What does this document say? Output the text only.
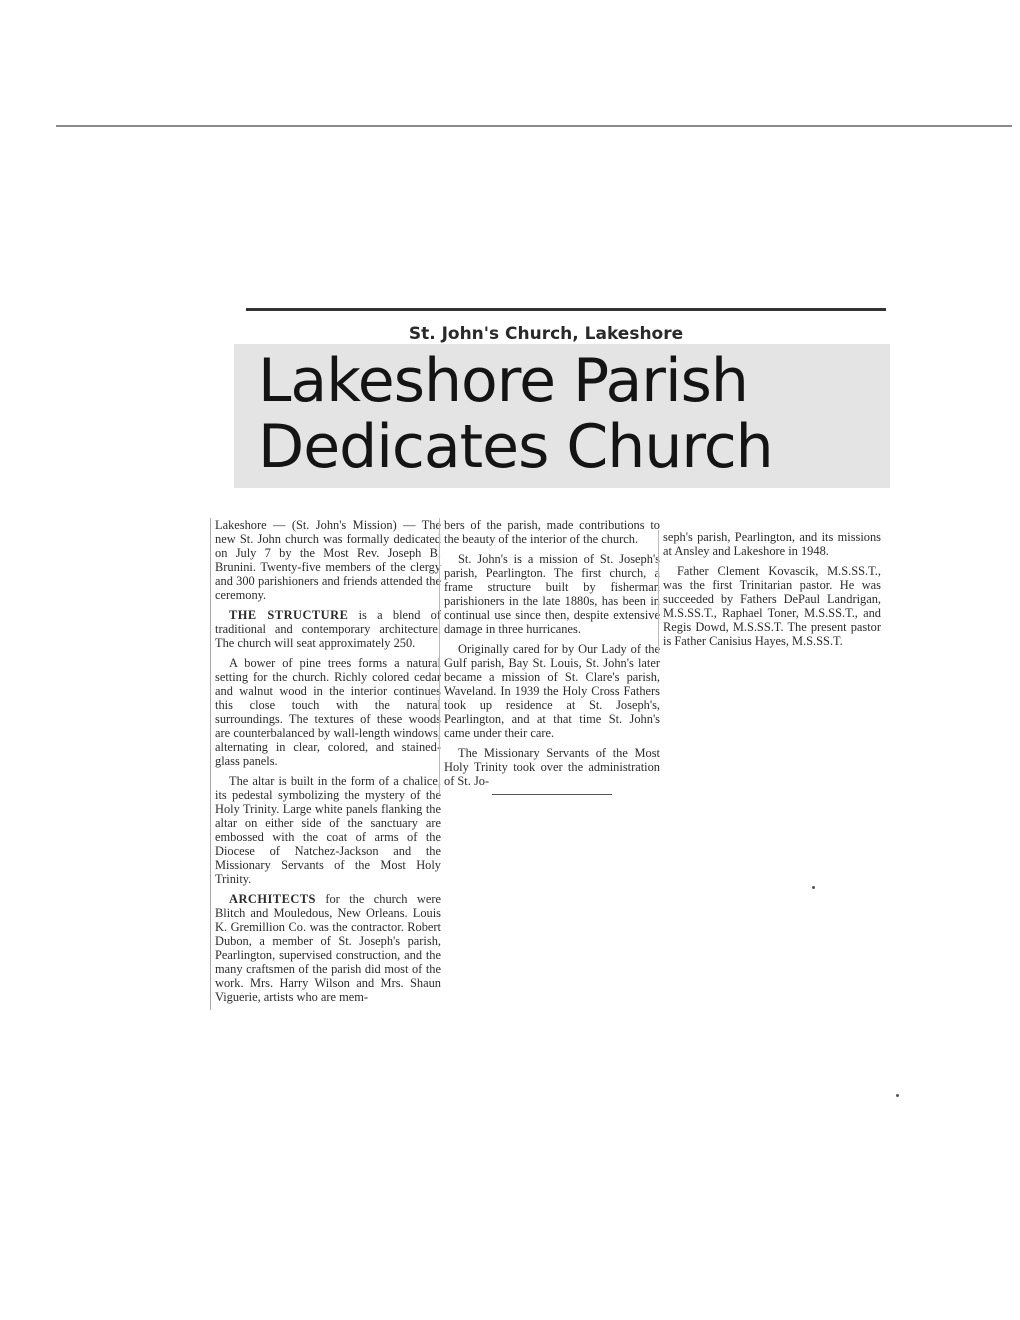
St. John's Church, Lakeshore
Lakeshore Parish
Dedicates Church

Lakeshore — (St. John's Mission) — The new St. John church was formally dedicated on July 7 by the Most Rev. Joseph B. Brunini. Twenty-five members of the clergy and 300 parishioners and friends attended the ceremony.

THE STRUCTURE is a blend of traditional and contemporary architecture. The church will seat approximately 250.

A bower of pine trees forms a natural setting for the church. Richly colored cedar and walnut wood in the interior continues this close touch with the natural surroundings. The textures of these woods are counterbalanced by wall-length windows, alternating in clear, colored, and stained-glass panels.

The altar is built in the form of a chalice, its pedestal symbolizing the mystery of the Holy Trinity. Large white panels flanking the altar on either side of the sanctuary are embossed with the coat of arms of the Diocese of Natchez-Jackson and the Missionary Servants of the Most Holy Trinity.

ARCHITECTS for the church were Blitch and Mouledous, New Orleans. Louis K. Gremillion Co. was the contractor. Robert Dubon, a member of St. Joseph's parish, Pearlington, supervised construction, and the many craftsmen of the parish did most of the work. Mrs. Harry Wilson and Mrs. Shaun Viguerie, artists who are mem-

bers of the parish, made contributions to the beauty of the interior of the church.

St. John's is a mission of St. Joseph's parish, Pearlington. The first church, a frame structure built by fisherman parishioners in the late 1880s, has been in continual use since then, despite extensive damage in three hurricanes.

Originally cared for by Our Lady of the Gulf parish, Bay St. Louis, St. John's later became a mission of St. Clare's parish, Waveland. In 1939 the Holy Cross Fathers took up residence at St. Joseph's, Pearlington, and at that time St. John's came under their care.

The Missionary Servants of the Most Holy Trinity took over the administration of St. Jo-

seph's parish, Pearlington, and its missions at Ansley and Lakeshore in 1948.

Father Clement Kovascik, M.S.SS.T., was the first Trinitarian pastor. He was succeeded by Fathers DePaul Landrigan, M.S.SS.T., Raphael Toner, M.S.SS.T., and Regis Dowd, M.S.SS.T. The present pastor is Father Canisius Hayes, M.S.SS.T.
